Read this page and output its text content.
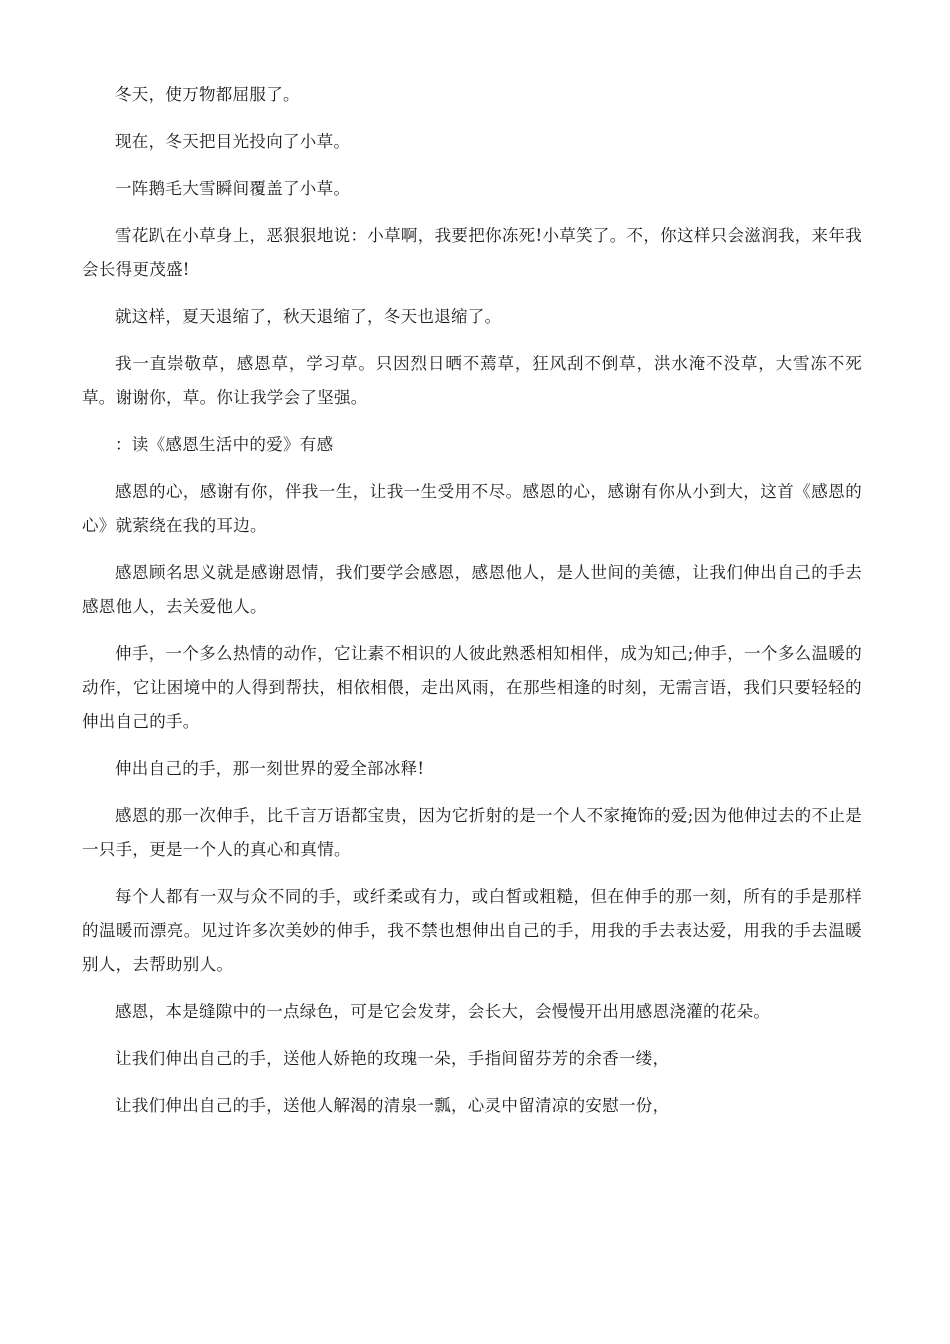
冬天，使万物都屈服了。

现在，冬天把目光投向了小草。

一阵鹅毛大雪瞬间覆盖了小草。

雪花趴在小草身上，恶狠狠地说：小草啊，我要把你冻死!小草笑了。不，你这样只会滋润我，来年我会长得更茂盛!

就这样，夏天退缩了，秋天退缩了，冬天也退缩了。

我一直崇敬草，感恩草，学习草。只因烈日晒不蔫草，狂风刮不倒草，洪水淹不没草，大雪冻不死草。谢谢你，草。你让我学会了坚强。

：读《感恩生活中的爱》有感

感恩的心，感谢有你，伴我一生，让我一生受用不尽。感恩的心，感谢有你从小到大，这首《感恩的心》就萦绕在我的耳边。

感恩顾名思义就是感谢恩情，我们要学会感恩，感恩他人，是人世间的美德，让我们伸出自己的手去感恩他人，去关爱他人。

伸手，一个多么热情的动作，它让素不相识的人彼此熟悉相知相伴，成为知己;伸手，一个多么温暖的动作，它让困境中的人得到帮扶，相依相偎，走出风雨，在那些相逢的时刻，无需言语，我们只要轻轻的伸出自己的手。

伸出自己的手，那一刻世界的爱全部冰释!

感恩的那一次伸手，比千言万语都宝贵，因为它折射的是一个人不家掩饰的爱;因为他伸过去的不止是一只手，更是一个人的真心和真情。

每个人都有一双与众不同的手，或纤柔或有力，或白皙或粗糙，但在伸手的那一刻，所有的手是那样的温暖而漂亮。见过许多次美妙的伸手，我不禁也想伸出自己的手，用我的手去表达爱，用我的手去温暖别人，去帮助别人。

感恩，本是缝隙中的一点绿色，可是它会发芽，会长大，会慢慢开出用感恩浇灌的花朵。

让我们伸出自己的手，送他人娇艳的玫瑰一朵，手指间留芬芳的余香一缕，

让我们伸出自己的手，送他人解渴的清泉一瓢，心灵中留清凉的安慰一份，
